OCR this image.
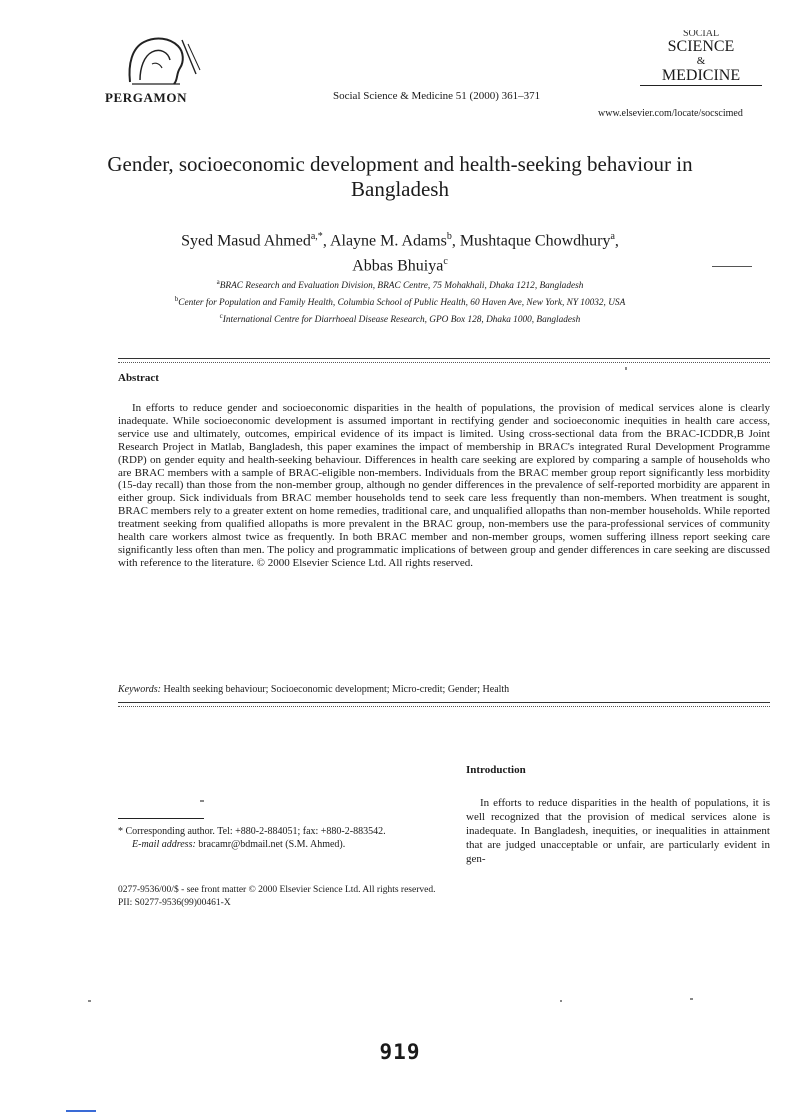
PERGAMON	Social Science & Medicine 51 (2000) 361–371
SOCIAL
SCIENCE
&
MEDICINE
www.elsevier.com/locate/socscimed
Gender, socioeconomic development and health-seeking behaviour in Bangladesh
Syed Masud Ahmed$^{a,*}$, Alayne M. Adams$^b$, Mushtaque Chowdhury$^a$,
Abbas Bhuiya$^c$
$^a$BRAC Research and Evaluation Division, BRAC Centre, 75 Mohakhali, Dhaka 1212, Bangladesh
$^b$Center for Population and Family Health, Columbia School of Public Health, 60 Haven Ave, New York, NY 10032, USA
$^c$International Centre for Diarrhoeal Disease Research, GPO Box 128, Dhaka 1000, Bangladesh
Abstract

In efforts to reduce gender and socioeconomic disparities in the health of populations, the provision of medical services alone is clearly inadequate. While socioeconomic development is assumed important in rectifying gender and socioeconomic inequities in health care access, service use and ultimately, outcomes, empirical evidence of its impact is limited. Using cross-sectional data from the BRAC-ICDDR,B Joint Research Project in Matlab, Bangladesh, this paper examines the impact of membership in BRAC's integrated Rural Development Programme (RDP) on gender equity and health-seeking behaviour. Differences in health care seeking are explored by comparing a sample of households who are BRAC members with a sample of BRAC-eligible non-members. Individuals from the BRAC member group report significantly less morbidity (15-day recall) than those from the non-member group, although no gender differences in the prevalence of self-reported morbidity are apparent in either group. Sick individuals from BRAC member households tend to seek care less frequently than non-members. When treatment is sought, BRAC members rely to a greater extent on home remedies, traditional care, and unqualified allopaths than non-member households. While reported treatment seeking from qualified allopaths is more prevalent in the BRAC group, non-members use the para-professional services of community health care workers almost twice as frequently. In both BRAC member and non-member groups, women suffering illness report seeking care significantly less often than men. The policy and programmatic implications of between group and gender differences in care seeking are discussed with reference to the literature. © 2000 Elsevier Science Ltd. All rights reserved.

Keywords: Health seeking behaviour; Socioeconomic development; Micro-credit; Gender; Health
Introduction

In efforts to reduce disparities in the health of populations, it is well recognized that the provision of medical services alone is inadequate. In Bangladesh, inequities, or inequalities in attainment that are judged unacceptable or unfair, are particularly evident in gen-

* Corresponding author. Tel: +880-2-884051; fax: +880-2-883542.
E-mail address: bracamr@bdmail.net (S.M. Ahmed).
0277-9536/00/$ - see front matter © 2000 Elsevier Science Ltd. All rights reserved.
PII: S0277-9536(99)00461-X
919
